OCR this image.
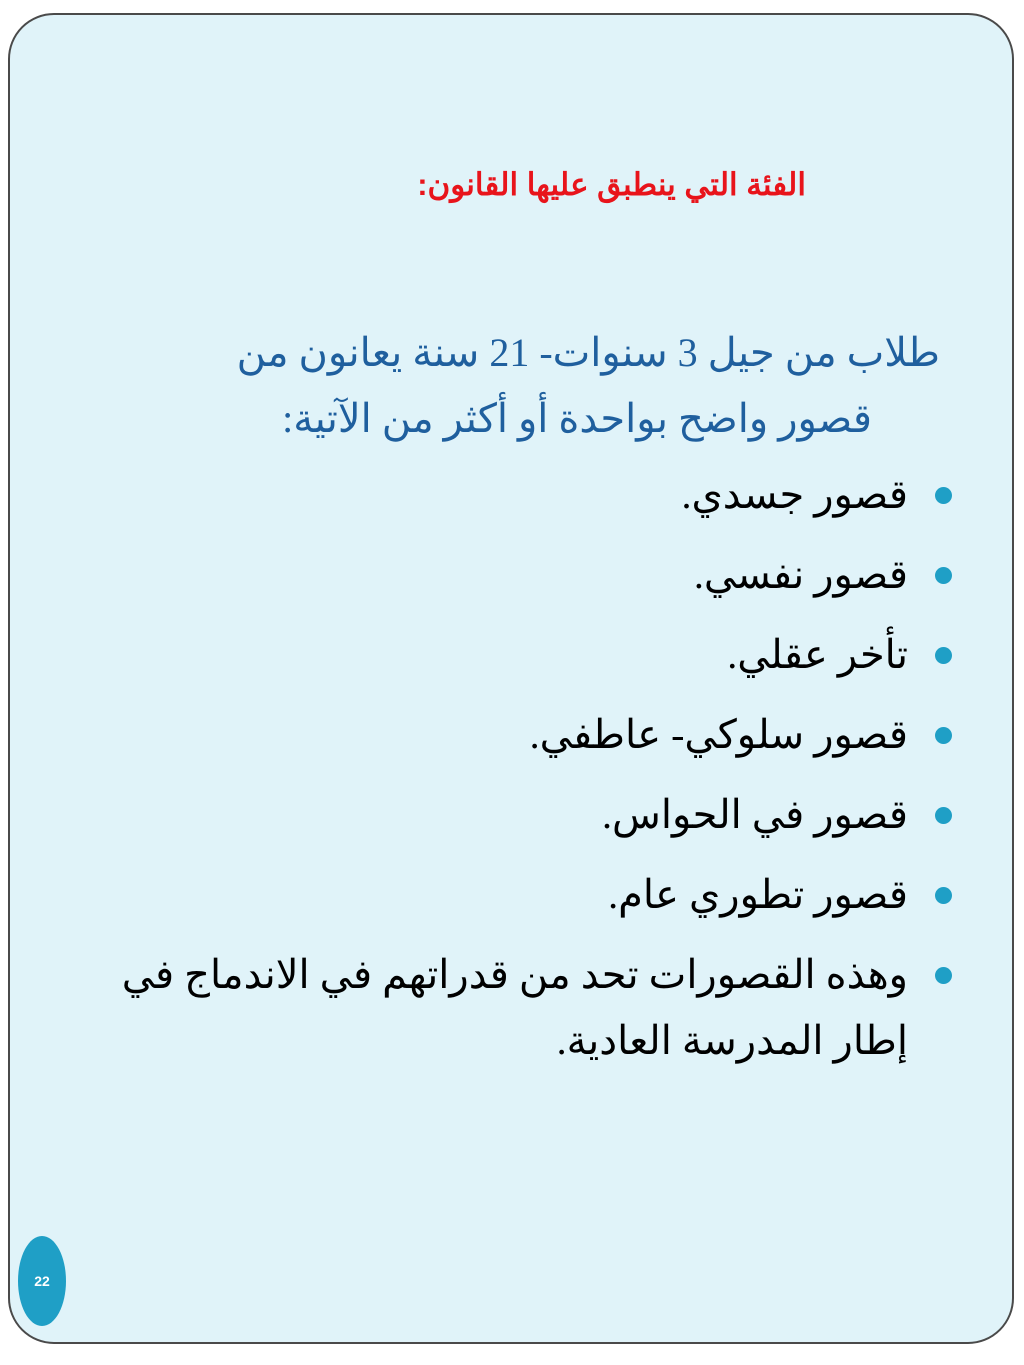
الفئة التي ينطبق عليها القانون:
طلاب من جيل 3 سنوات- 21 سنة يعانون من
قصور واضح بواحدة أو أكثر من الآتية:
قصور جسدي.
قصور نفسي.
تأخر عقلي.
قصور سلوكي- عاطفي.
قصور في الحواس.
قصور تطوري عام.
وهذه القصورات تحد من قدراتهم في الاندماج في إطار المدرسة العادية.
22
